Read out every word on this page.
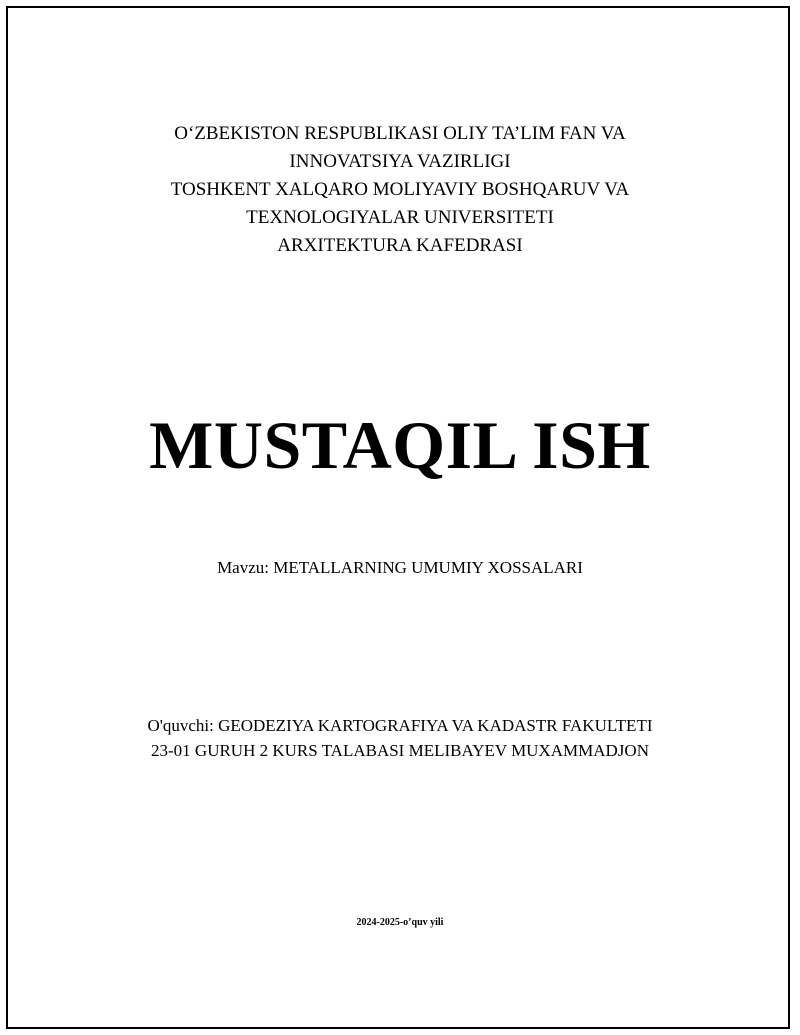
O‘ZBEKISTON RESPUBLIKASI OLIY TA’LIM FAN VA
INNOVATSIYA VAZIRLIGI
TOSHKENT XALQARO MOLIYAVIY BOSHQARUV VA
TEXNOLOGIYALAR UNIVERSITETI
ARXITEKTURA KAFEDRASI
MUSTAQIL ISH
Mavzu: METALLARNING UMUMIY XOSSALARI
O'quvchi: GEODEZIYA KARTOGRAFIYA VA KADASTR FAKULTETI
23-01 GURUH 2 KURS TALABASI MELIBAYEV MUXAMMADJON
2024-2025-o’quv yili
